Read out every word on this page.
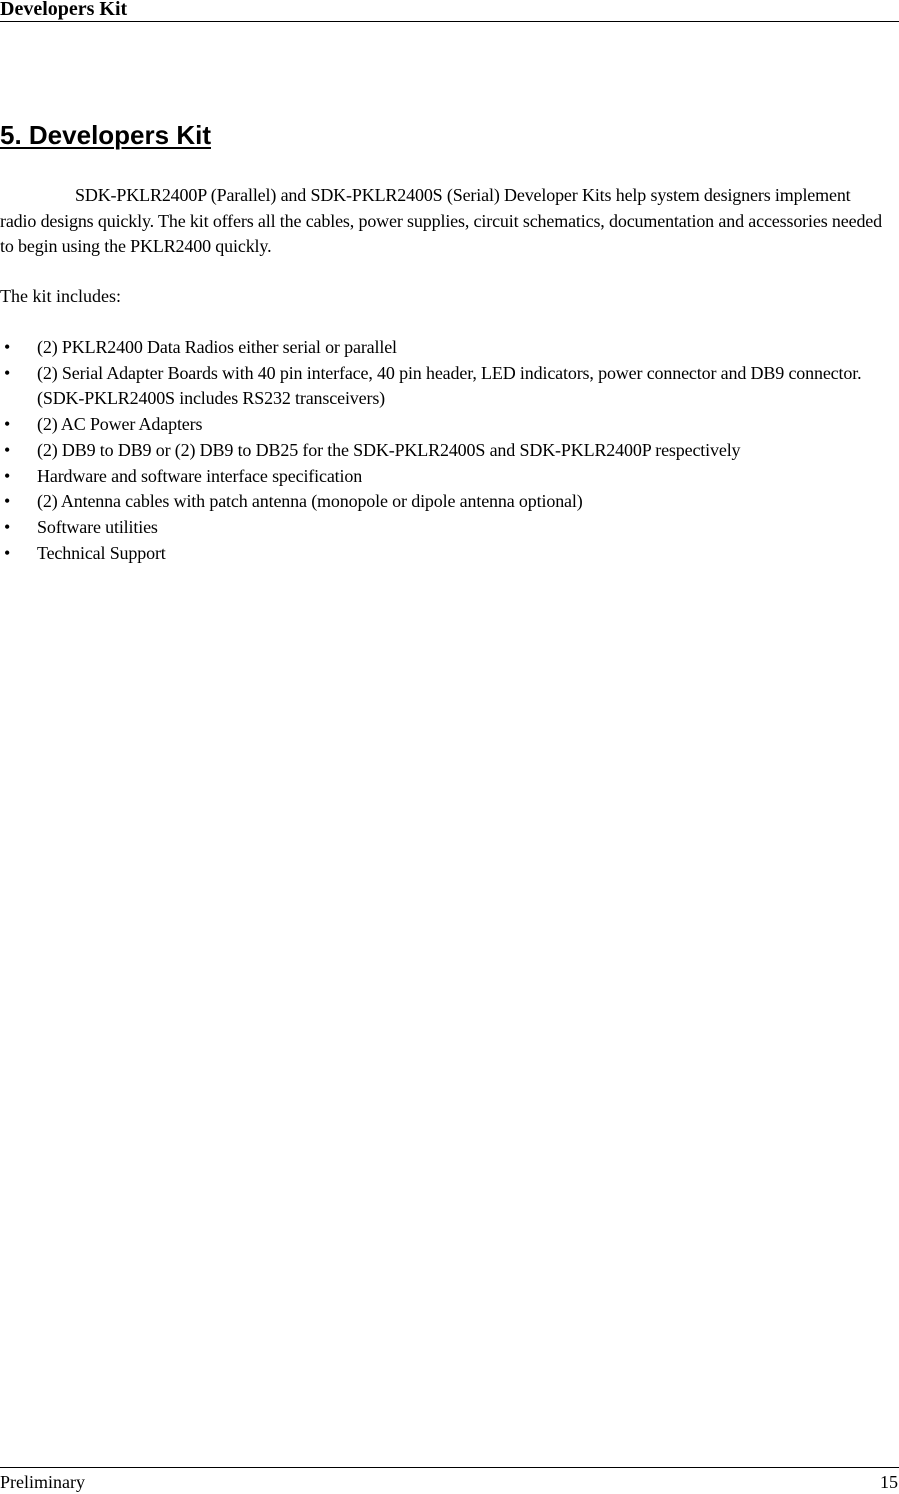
Developers Kit
5. Developers Kit

SDK-PKLR2400P (Parallel) and SDK-PKLR2400S (Serial) Developer Kits help system designers implement radio designs quickly. The kit offers all the cables, power supplies, circuit schematics, documentation and accessories needed to begin using the PKLR2400 quickly.

The kit includes:

• (2) PKLR2400 Data Radios either serial or parallel
• (2) Serial Adapter Boards with 40 pin interface, 40 pin header, LED indicators, power connector and DB9 connector. (SDK-PKLR2400S includes RS232 transceivers)
• (2) AC Power Adapters
• (2) DB9 to DB9 or (2) DB9 to DB25 for the SDK-PKLR2400S and SDK-PKLR2400P respectively
• Hardware and software interface specification
• (2) Antenna cables with patch antenna (monopole or dipole antenna optional)
• Software utilities
• Technical Support
Preliminary	15
